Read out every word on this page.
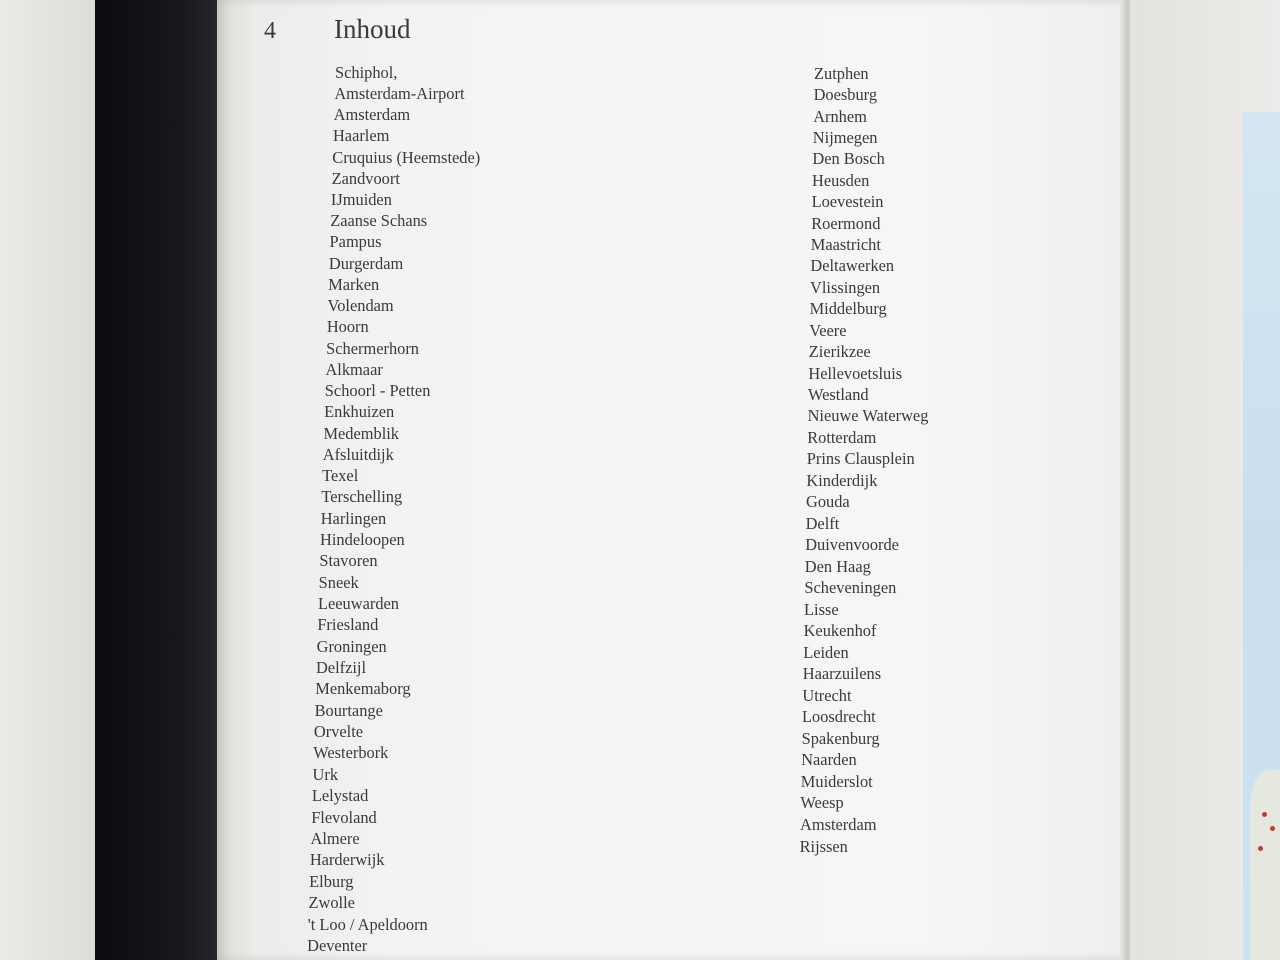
4 Inhoud
Schiphol,
Amsterdam-Airport
Amsterdam
Haarlem
Cruquius (Heemstede)
Zandvoort
IJmuiden
Zaanse Schans
Pampus
Durgerdam
Marken
Volendam
Hoorn
Schermerhorn
Alkmaar
Schoorl - Petten
Enkhuizen
Medemblik
Afsluitdijk
Texel
Terschelling
Harlingen
Hindeloopen
Stavoren
Sneek
Leeuwarden
Friesland
Groningen
Delfzijl
Menkemaborg
Bourtange
Orvelte
Westerbork
Urk
Lelystad
Flevoland
Almere
Harderwijk
Elburg
Zwolle
't Loo / Apeldoorn
Deventer
Zutphen
Doesburg
Arnhem
Nijmegen
Den Bosch
Heusden
Loevestein
Roermond
Maastricht
Deltawerken
Vlissingen
Middelburg
Veere
Zierikzee
Hellevoetsluis
Westland
Nieuwe Waterweg
Rotterdam
Prins Clausplein
Kinderdijk
Gouda
Delft
Duivenvoorde
Den Haag
Scheveningen
Lisse
Keukenhof
Leiden
Haarzuilens
Utrecht
Loosdrecht
Spakenburg
Naarden
Muiderslot
Weesp
Amsterdam
Rijssen
